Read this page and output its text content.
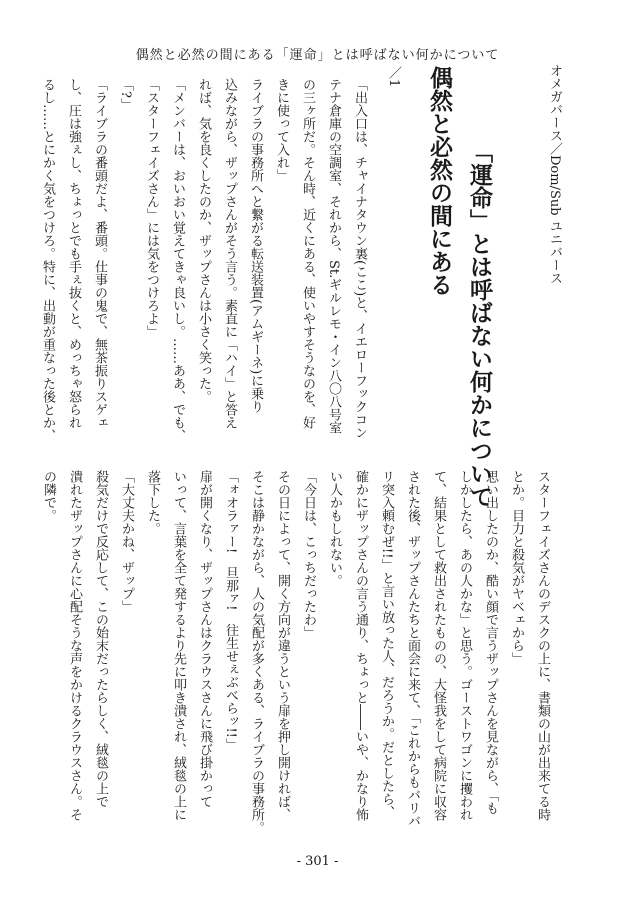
偶然と必然の間にある「運命」とは呼ばない何かについて
オメガバース／Dom/Sub ユニバース
「運命」とは呼ばない何かについて
偶然と必然の間にある
／1
「出入口は、チャイナタウン裏(ここ)と、イエローフックコン
テナ倉庫の空調室、それから、St.ギルレモ・イン八〇八号室
の三ヶ所だ。そん時、近くにある、使いやすそうなのを、好
きに使って入れ」
ライブラの事務所へと繋がる転送装置(アムギーネ)に乗り
込みながら、ザップさんがそう言う。素直に「ハイ」と答え
れば、気を良くしたのか、ザップさんは小さく笑った。
「メンバーは、おいおい覚えてきゃ良いし。……ああ、でも、
「スターフェイズさん」には気をつけろよ」
「?」
「ライブラの番頭だよ、番頭。仕事の鬼で、無茶振りスゲェ
し、圧は強ぇし、ちょっとでも手ぇ抜くと、めっちゃ怒られ
るし……とにかく気をつけろ。特に、出動が重なった後とか、
スターフェイズさんのデスクの上に、書類の山が出来てる時
とか。目力と殺気がヤベェから」
思い出したのか、酷い顔で言うザップさんを見ながら、「も
しかしたら、あの人かな」と思う。ゴーストワゴンに攫われ
て、結果として救出されたものの、大怪我をして病院に収容
された後、ザップさんたちと面会に来て、「これからもバリバ
リ突入頼むぜ!!」と言い放った人、だろうか。だとしたら、
確かにザップさんの言う通り、ちょっと――いや、かなり怖
い人かもしれない。
「今日は、こっちだったわ」
その日によって、開く方向が違うという扉を押し開ければ、
そこは静かながら、人の気配が多くある、ライブラの事務所。
「ォオラァー!　旦那ァ!　往生せぇぶべらッ!!」
扉が開くなり、ザップさんはクラウスさんに飛び掛かって
いって、言葉を全て発するより先に叩き潰され、絨毯の上に
落下した。
「大丈夫かね、ザップ」
殺気だけで反応して、この始末だったらしく、絨毯の上で
潰れたザップさんに心配そうな声をかけるクラウスさん。そ
の隣で。
- 301 -
